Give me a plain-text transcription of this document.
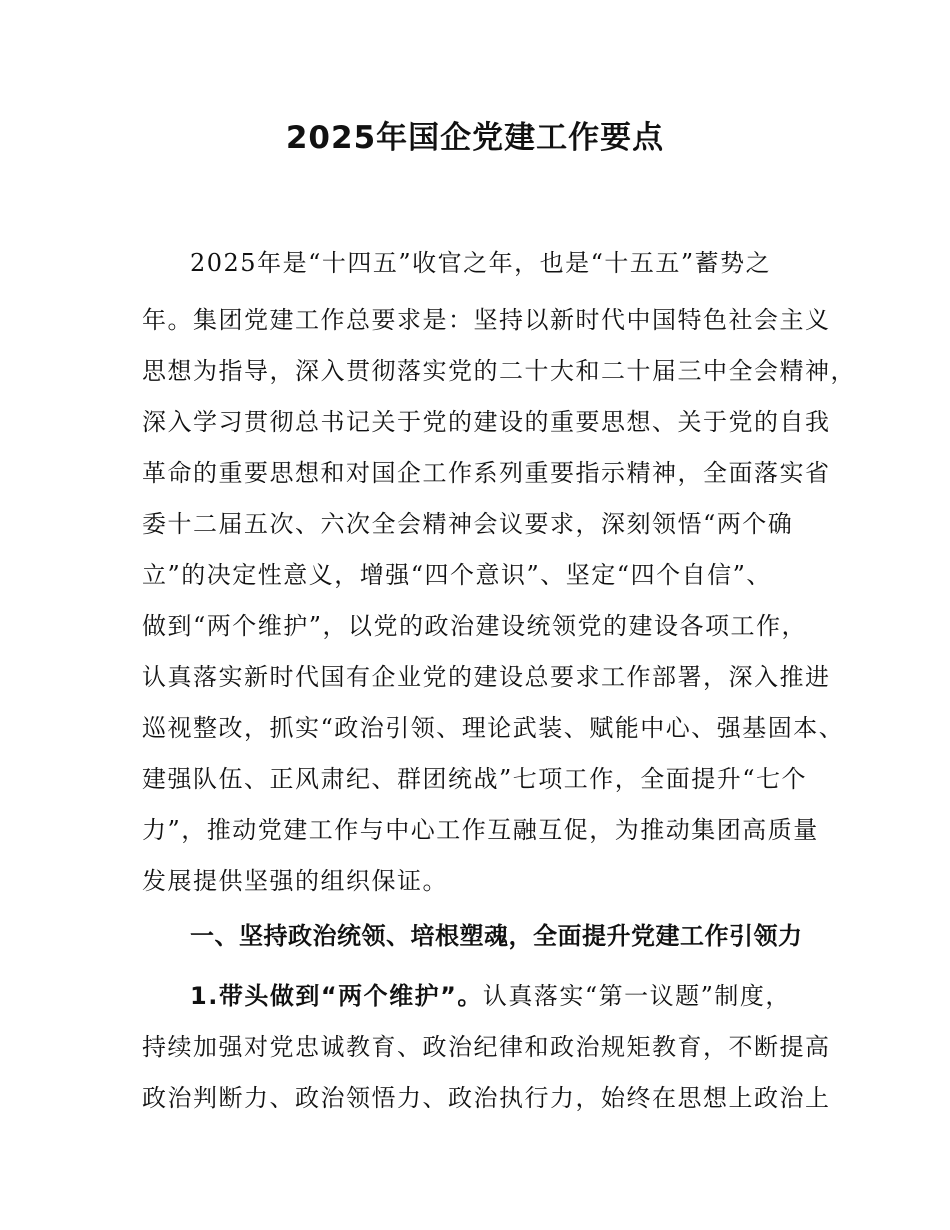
2025年国企党建工作要点

2025年是“十四五”收官之年，也是“十五五”蓄势之

年。集团党建工作总要求是：坚持以新时代中国特色社会主义

思想为指导，深入贯彻落实党的二十大和二十届三中全会精神，

深入学习贯彻总书记关于党的建设的重要思想、关于党的自我

革命的重要思想和对国企工作系列重要指示精神，全面落实省

委十二届五次、六次全会精神会议要求，深刻领悟“两个确

立”的决定性意义，增强“四个意识”、坚定“四个自信”、

做到“两个维护”，以党的政治建设统领党的建设各项工作，

认真落实新时代国有企业党的建设总要求工作部署，深入推进

巡视整改，抓实“政治引领、理论武装、赋能中心、强基固本、

建强队伍、正风肃纪、群团统战”七项工作，全面提升“七个

力”，推动党建工作与中心工作互融互促，为推动集团高质量

发展提供坚强的组织保证。

一、坚持政治统领、培根塑魂，全面提升党建工作引领力

1.带头做到“两个维护”。认真落实“第一议题”制度，

持续加强对党忠诚教育、政治纪律和政治规矩教育，不断提高

政治判断力、政治领悟力、政治执行力，始终在思想上政治上
